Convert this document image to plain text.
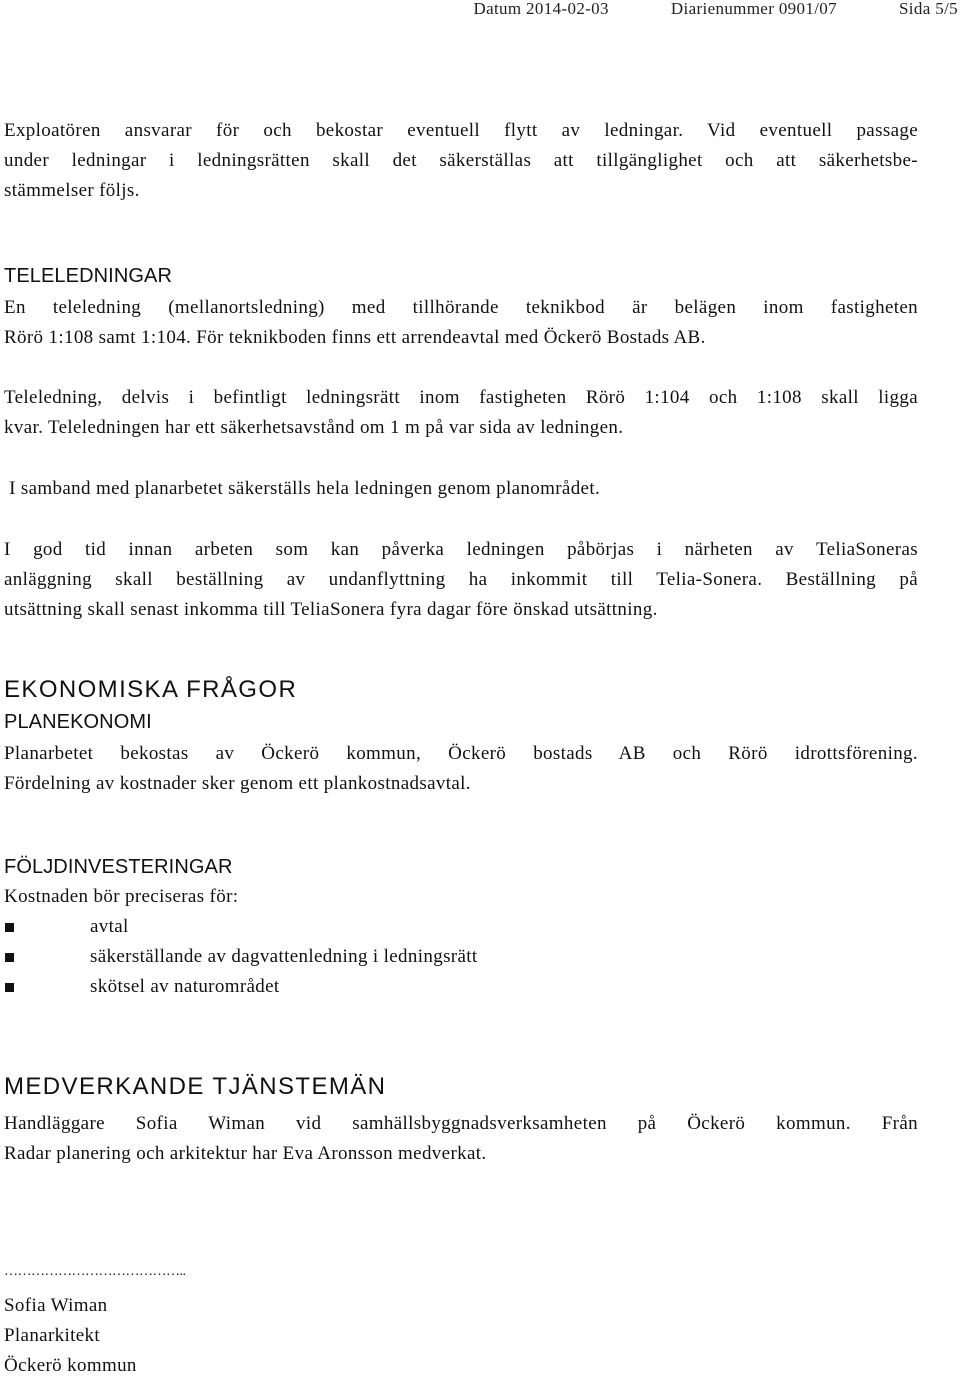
Datum 2014-02-03	Diarienummer 0901/07	Sida 5/5
Exploatören ansvarar för och bekostar eventuell flytt av ledningar. Vid eventuell passage
under ledningar i ledningsrätten skall det säkerställas att tillgänglighet och att säkerhetsbe-
stämmelser följs.
TELELEDNINGAR
En teleledning (mellanortsledning) med tillhörande teknikbod är belägen inom fastigheten
Rörö 1:108 samt 1:104. För teknikboden finns ett arrendeavtal med Öckerö Bostads AB.
Teleledning, delvis i befintligt ledningsrätt inom fastigheten Rörö 1:104 och 1:108 skall ligga
kvar. Teleledningen har ett säkerhetsavstånd om 1 m på var sida av ledningen.
I samband med planarbetet säkerställs hela ledningen genom planområdet.
I god tid innan arbeten som kan påverka ledningen påbörjas i närheten av TeliaSoneras
anläggning skall beställning av undanflyttning ha inkommit till Telia-Sonera. Beställning på
utsättning skall senast inkomma till TeliaSonera fyra dagar före önskad utsättning.
EKONOMISKA FRÅGOR
PLANEKONOMI
Planarbetet bekostas av Öckerö kommun, Öckerö bostads AB och Rörö idrottsförening.
Fördelning av kostnader sker genom ett plankostnadsavtal.
FÖLJDINVESTERINGAR
Kostnaden bör preciseras för:
avtal
säkerställande av dagvattenledning i ledningsrätt
skötsel av naturområdet
MEDVERKANDE TJÄNSTEMÄN
Handläggare Sofia Wiman vid samhällsbyggnadsverksamheten på Öckerö kommun. Från
Radar planering och arkitektur har Eva Aronsson medverkat.
…………………………………..
Sofia Wiman
Planarkitekt
Öckerö kommun
